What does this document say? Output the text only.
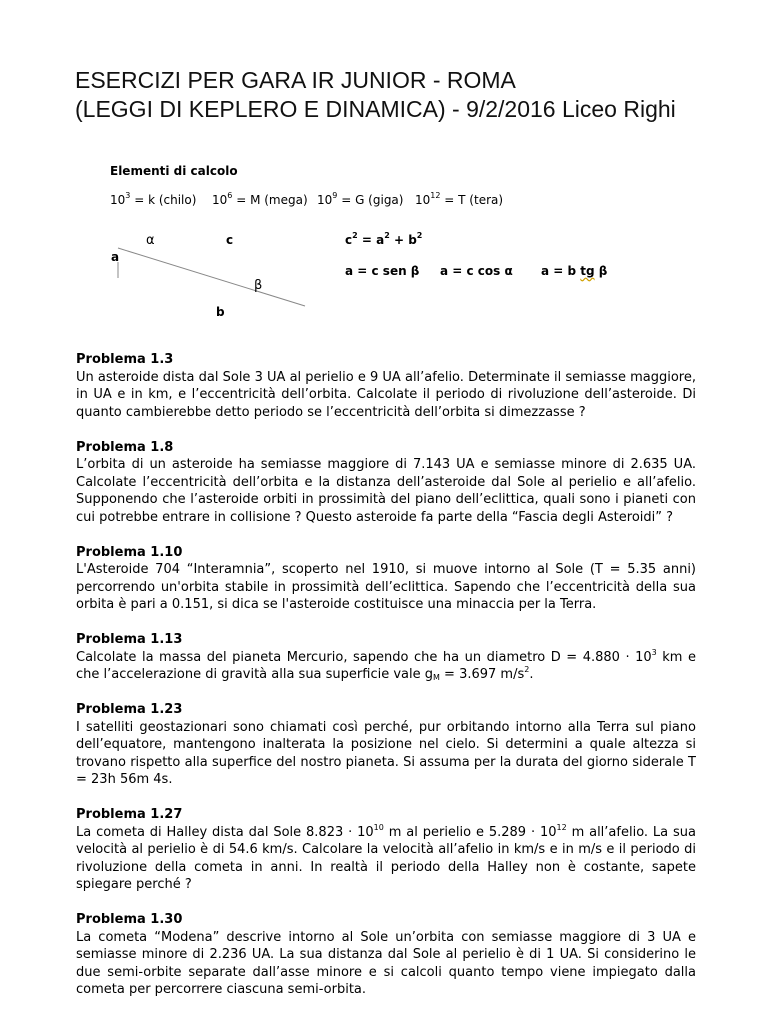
ESERCIZI PER GARA IR JUNIOR - ROMA
(LEGGI DI KEPLERO E DINAMICA) - 9/2/2016 Liceo Righi
Elementi di calcolo
$10^3 = k$ (chilo) $10^6 = M$ (mega) $10^9 = G$ (giga) $10^{12} = T$ (tera)
α	c
a
β
b
$c^2 = a^2 + b^2$
a = c sen β a = c cos α a = b tg β
Problema 1.3

Un asteroide dista dal Sole 3 UA al perielio e 9 UA all’afelio. Determinate il semiasse maggiore, in UA e in km, e l’eccentricità dell’orbita. Calcolate il periodo di rivoluzione dell’asteroide. Di quanto cambierebbe detto periodo se l’eccentricità dell’orbita si dimezzasse ?

Problema 1.8

L’orbita di un asteroide ha semiasse maggiore di 7.143 UA e semiasse minore di 2.635 UA. Calcolate l’eccentricità dell’orbita e la distanza dell’asteroide dal Sole al perielio e all’afelio. Supponendo che l’asteroide orbiti in prossimità del piano dell’eclittica, quali sono i pianeti con cui potrebbe entrare in collisione ? Questo asteroide fa parte della “Fascia degli Asteroidi” ?

Problema 1.10

L'Asteroide 704 “Interamnia”, scoperto nel 1910, si muove intorno al Sole (T = 5.35 anni) percorrendo un'orbita stabile in prossimità dell’eclittica. Sapendo che l’eccentricità della sua orbita è pari a 0.151, si dica se l'asteroide costituisce una minaccia per la Terra.

Problema 1.13

Calcolate la massa del pianeta Mercurio, sapendo che ha un diametro $D = 4.880 \cdot 10^3$ km e che l’accelerazione di gravità alla sua superficie vale $g_M = 3.697$ $m/s^2$.

Problema 1.23

I satelliti geostazionari sono chiamati così perché, pur orbitando intorno alla Terra sul piano dell’equatore, mantengono inalterata la posizione nel cielo. Si determini a quale altezza si trovano rispetto alla superfice del nostro pianeta. Si assuma per la durata del giorno siderale T = 23h 56m 4s.

Problema 1.27

La cometa di Halley dista dal Sole $8.823 \cdot 10^{10}$ m al perielio e $5.289 \cdot 10^{12}$ m all’afelio. La sua velocità al perielio è di 54.6 km/s. Calcolare la velocità all’afelio in km/s e in m/s e il periodo di rivoluzione della cometa in anni. In realtà il periodo della Halley non è costante, sapete spiegare perché ?

Problema 1.30

La cometa “Modena” descrive intorno al Sole un’orbita con semiasse maggiore di 3 UA e semiasse minore di 2.236 UA. La sua distanza dal Sole al perielio è di 1 UA. Si considerino le due semi-orbite separate dall’asse minore e si calcoli quanto tempo viene impiegato dalla cometa per percorrere ciascuna semi-orbita.
